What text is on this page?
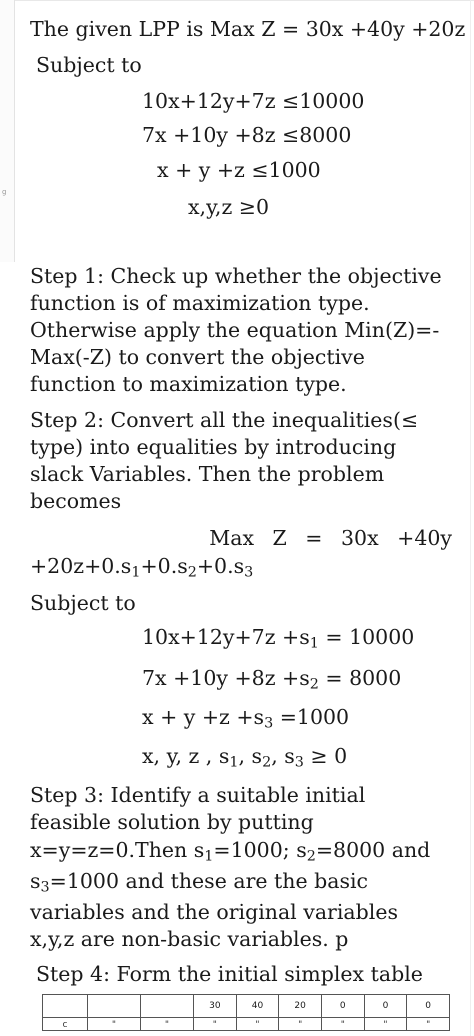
g

The given LPP is Max Z = 30x +40y +20z

Subject to

10x+12y+7z ≤10000

7x +10y +8z ≤8000

x + y +z ≤1000

x,y,z ≥0

Step 1: Check up whether the objective

function is of maximization type.

Otherwise apply the equation Min(Z)=-

Max(-Z) to convert the objective

function to maximization type.

Step 2: Convert all the inequalities(≤

type) into equalities by introducing

slack Variables. Then the problem

becomes

Max Z = 30x +40y

$+20z+0.s_1+0.s_2+0.s_3$

Subject to

$10x+12y+7z +s_1 = 10000$

$7x +10y +8z +s_2 = 8000$

$x + y +z +s_3 =1000$

x, y, z , $s_1$, $s_2$, $s_3 \ge 0$

Step 3: Identify a suitable initial

feasible solution by putting

x=y=z=0.Then $s_1=1000$; $s_2=8000$ and

$s_3=1000$ and these are the basic

variables and the original variables

x,y,z are non-basic variables. p

Step 4: Form the initial simplex table

			30	40	20	0	0	0
c	"	"	"	"	"	"	"	"
